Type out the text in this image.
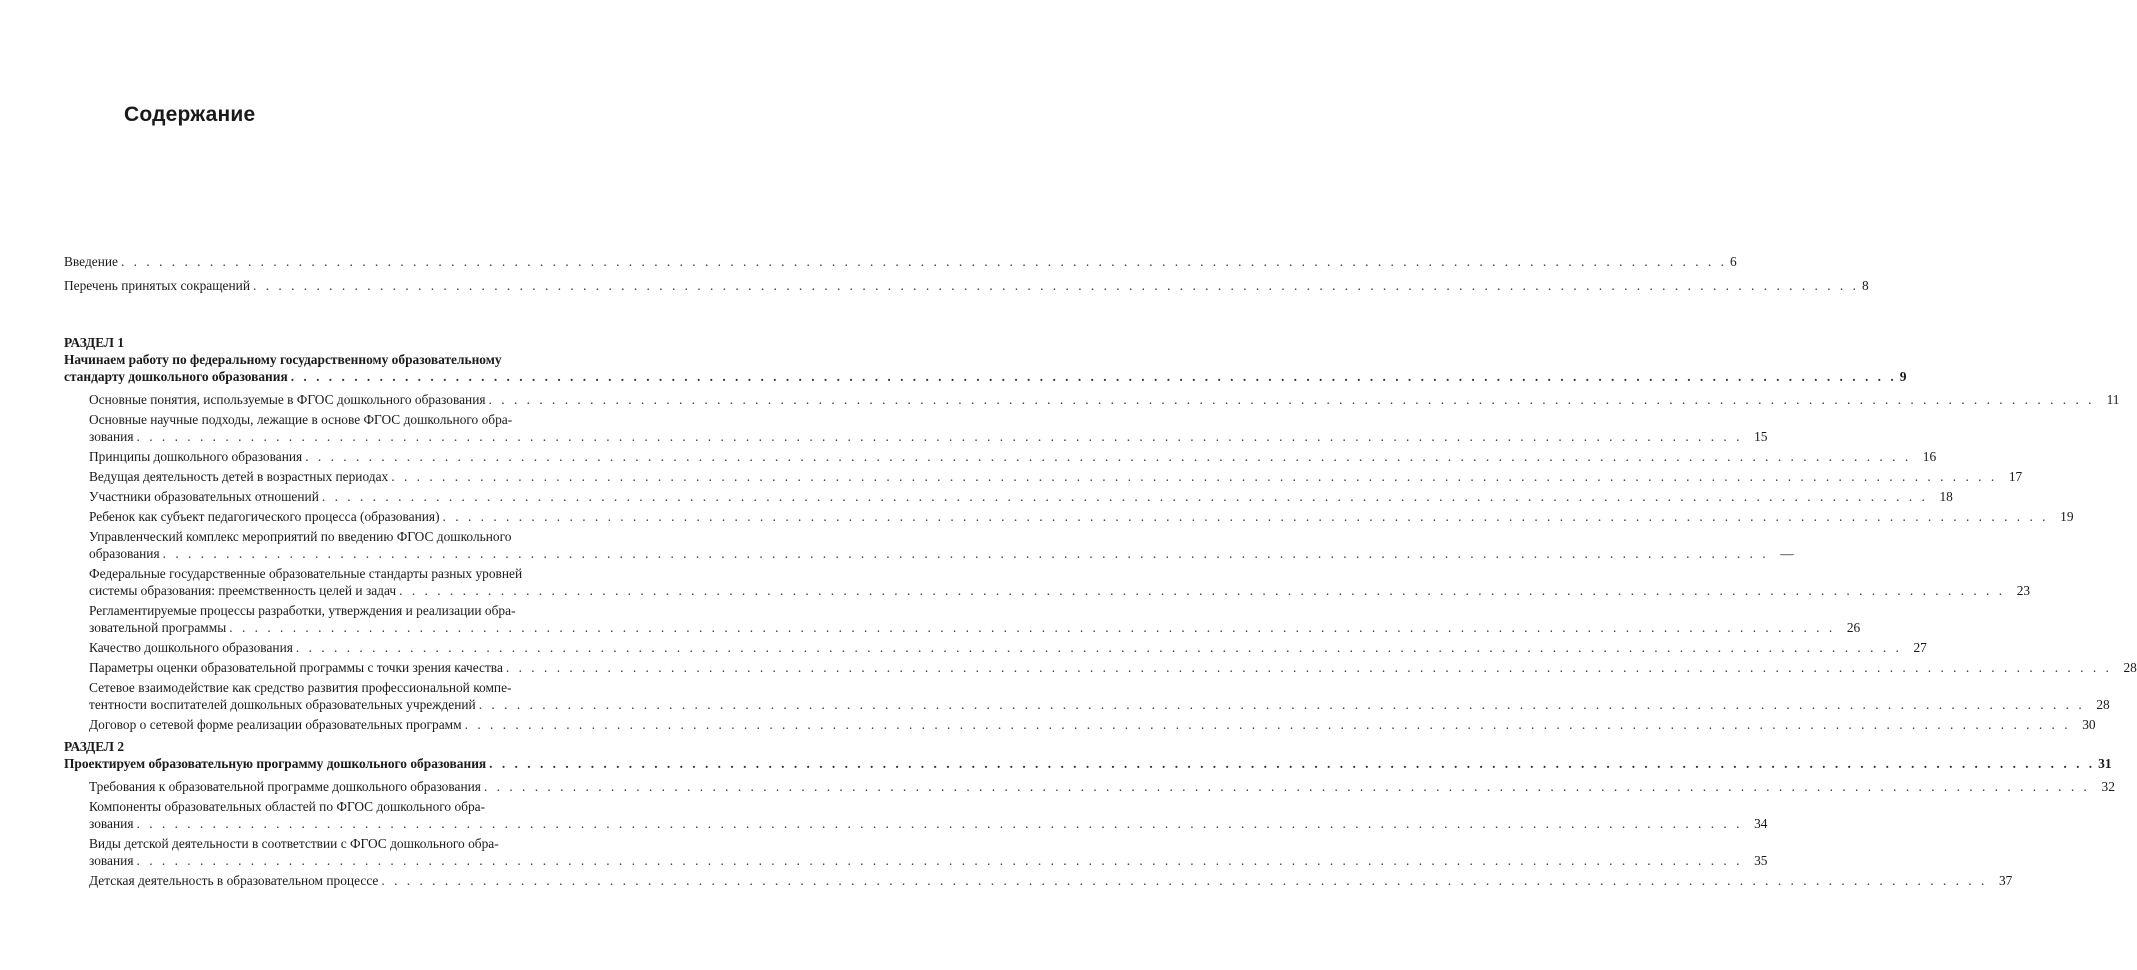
Содержание
Введение . . .	6
Перечень принятых сокращений . . .	8
РАЗДЕЛ 1
Начинаем работу по федеральному государственному образовательному
стандарту дошкольного образования . . .	9
Основные понятия, используемые в ФГОС дошкольного образования . . .	11
Основные научные подходы, лежащие в основе ФГОС дошкольного обра-
зования . . .	15
Принципы дошкольного образования . . .	16
Ведущая деятельность детей в возрастных периодах . . .	17
Участники образовательных отношений . . .	18
Ребенок как субъект педагогического процесса (образования) . . .	19
Управленческий комплекс мероприятий по введению ФГОС дошкольного
образования . . .	—
Федеральные государственные образовательные стандарты разных уровней
системы образования: преемственность целей и задач . . .	23
Регламентируемые процессы разработки, утверждения и реализации обра-
зовательной программы . . .	26
Качество дошкольного образования . . .	27
Параметры оценки образовательной программы с точки зрения качества . . .	28
Сетевое взаимодействие как средство развития профессиональной компе-
тентности воспитателей дошкольных образовательных учреждений . . .	28
Договор о сетевой форме реализации образовательных программ . . .	30
РАЗДЕЛ 2
Проектируем образовательную программу дошкольного образования . . .	31
Требования к образовательной программе дошкольного образования . . .	32
Компоненты образовательных областей по ФГОС дошкольного обра-
зования . . .	34
Виды детской деятельности в соответствии с ФГОС дошкольного обра-
зования . . .	35
Детская деятельность в образовательном процессе . . .	37
